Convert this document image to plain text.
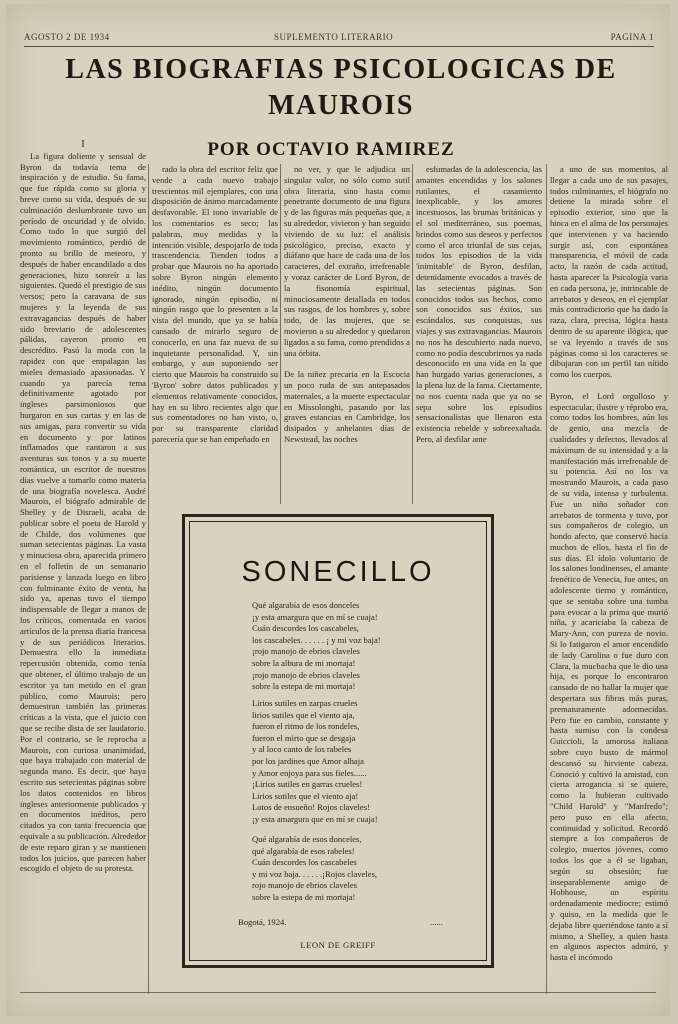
AGOSTO 2 DE 1934	SUPLEMENTO LITERARIO	PAGINA 1
LAS BIOGRAFIAS PSICOLOGICAS DE
MAUROIS
POR OCTAVIO RAMIREZ

I

La figura doliente y sensual de Byron da todavía tema de inspiración y de estudio. Su fama, que fue rápida como su gloria y breve como su vida, después de su culminación deslumbrante tuvo un período de oscuridad y de olvido. Como todo lo que surgió del movimiento romántico, perdió de pronto su brillo de meteoro, y después de haber encandilado a dos generaciones, hizo sonreír a las siguientes. Quedó el prestigio de sus versos; pero la caravana de sus mujeres y la leyenda de sus extravagancias después de haber sido breviario de adolescentes pálidas, cayeron pronto en descrédito. Pasó la moda con la rapidez con que empalagan las mieles demasiado apasionadas. Y cuando ya parecía tema definitivamente agotado por ingleses parsimoniosos que hurgaron en sus cartas y en las de sus amigas, para convertir su vida en documento y por latinos inflamados que cantaron a sus aventuras sus tonos y a su muerte romántica, un escritor de nuestros días vuelve a tomarlo como materia de una biografía novelesca. André Maurois, el biógrafo admirable de Shelley y de Disraeli, acaba de publicar sobre el poeta de Harold y de Childe, dos volúmenes que suman setecientas páginas. La vasta y minuciosa obra, aparecida primero en el folletín de un semanario parisiense y lanzada luego en libro con fulminante éxito de venta, ha sido ya, apenas tuvo el tiempo indispensable de llegar a manos de los críticos, comentada en varios artículos de la prensa diaria francesa y de sus periódicos literarios. Demuestra ello la inmediata repercusión obtenida, como tenía que obtener, el último trabajo de un escritor ya tan metido en el gran público, como Maurois; pero demuestran también las primeras críticas a la vista, que el juicio con que se recibe dista de ser laudatorio. Por el contrario, se le reprocha a Maurois, con curiosa unanimidad, que haya trabajado con material de segunda mano. Es decir, que haya escrito sus setecientas páginas sobre los datos contenidos en libros ingleses anteriormente publicados y en documentos inéditos, pero citados ya con tanta frecuencia que equivale a su publicación. Alrededor de este reparo giran y se mantienen todos los juicios, que parecen haber escogido el objeto de su protesta.

rado la obra del escritor feliz que vende a cada nuevo trabajo trescientos mil ejemplares, con una disposición de ánimo marcadamente desfavorable. El tono invariable de los comentarios es seco; las palabras, muy medidas y la intención visible, despojarlo de toda trascendencia. Tienden todos a probar que Maurois no ha aportado sobre Byron ningún elemento inédito, ningún documento ignorado, ningún episodio, ni ningún rasgo que lo presenten a la vista del mundo, que ya se había cansado de mirarlo seguro de conocerlo, en una faz nueva de su inquietante personalidad. Y, sin embargo, y aun suponiendo ser cierto que Maurois ha construido su 'Byron' sobre datos publicados y elementos relativamente conocidos, hay en su libro recientes algo que sus comentadores no han visto, o, por su transparente claridad parecería que se han empeñado en

no ver, y que le adjudica un singular valor, no sólo como sutil obra literaria, sino hasta como penetrante documento de una figura y de las figuras más pequeñas que, a su alrededor, vivieron y han seguido viviendo de su luz: el análisis psicológico, preciso, exacto y diáfano que hace de cada una de los caracteres, del extraño, irrefrenable y voraz carácter de Lord Byron, de la fisonomía espiritual, minuciosamente detallada en todos sus rasgos, de los hombres y, sobre todo, de las mujeres, que se movieron a su alrededor y quedaron ligados a su fama, como prendidos a una órbita.

De la niñez precaria en la Escocia un poco ruda de sus antepasados maternales, a la muerte espectacular en Missolonghi, pasando por las graves estancias en Cambridge, los disipados y anhelantes días de Newstead, las noches

esfumadas de la adolescencia, las amantes encendidas y los salones rutilantes, el casamiento inexplicable, y los amores incestuosos, las brumas británicas y el sol mediterráneo, sus poemas, brindos como sus deseos y perfectos como el arco triunfal de sus cejas, todos los episodios de la vida 'inimitable' de Byron, desfilan, detenidamente evocados a través de las setecientas páginas. Son conocidos todos sus hechos, como son conocidos sus éxitos, sus escándalos, sus conquistas, sus viajes y sus extravagancias. Maurois no nos ha descubierto nada nuevo, como no podía descubrirnos ya nada desconocido en una vida en la que han hurgado varias generaciones, a la plena luz de la fama. Ciertamente, no nos cuenta nada que ya no se sepa sobre los episodios sensacionalistas que llenaron esta existencia rebelde y sobreexaltada. Pero, al desfilar ante

a uno de sus momentos, al llegar a cada uno de sus pasajes, todos culminantes, el biógrafo no detiene la mirada sobre el episodio exterior, sino que la hinca en el alma de los personajes que intervienen y va haciendo surgir así, con espontánea transparencia, el móvil de cada acto, la razón de cada actitud, hasta aparecer la Psicología varia en cada persona, je, intrincable de arrebatos y deseos, en el ejemplar más contradictorio que ha dado la raza, clara, precisa, lógica hasta dentro de su aparente ilógica, que se va leyendo a través de sus páginas como si los caracteres se dibujaran con un perfil tan nítido como los cuerpos.

Byron, el Lord orgulloso y espectacular, ilustre y réprobo era, como todos los hombres, aún los de genio, una mezcla de cualidades y defectos, llevados al máximum de su intensidad y a la manifestación más irrefrenable de su potencia. Así no los va mostrando Maurois, a cada paso de su vida, intensa y turbulenta. Fue un niño soñador con arrebatos de tormenta y tuvo, por sus compañeros de colegio, un hondo afecto, que conservó hacia muchos de ellos, hasta el fin de sus días. El ídolo voluntario de los salones londinenses, el amante frenético de Venecia, fue antes, un adolescente tierno y romántico, que se sentaba sobre una tumba para evocar a la prima que murió niña, y acariciaba la cabeza de Mary-Ann, con pureza de novio. Si lo fatigaron el amor encendido de lady Carolina o fue duro con Clara, la muchacha que le dio una hija, es porque lo encontraron cansado de no hallar la mujer que despertara sus fibras más puras, prematuramente adormecidas. Pero fue en cambio, constante y hasta sumiso con la condesa Guiccioli, la amorosa italiana sobre cuyo busto de mármol descansó su hirviente cabeza. Conoció y cultivó la amistad, con cierta arrogancia si se quiere, como la hubieran cultivado "Child Harold" y "Manfredo"; pero puso en ella afecto, continuidad y solicitud. Recordó siempre a los compañeros de colegio, muertos jóvenes, como todos los que a él se ligaban, según su obsesión; fue inseparablemente amigo de Hobhouse, un espíritu ordenadamente mediocre; estimó y quiso, en la medida que le dejaba libre queriéndose tanto a sí mismo, a Shelley, a quien hasta en algunos aspectos admiró, y hasta el incómodo

SONECILLO
Qué algarabía de esos donceles
¡y esta amargura que en mí se cuaja!
Cuán descordes los cascabeles,
los cascabeles. . . . . . ¡ y mi voz baja!
¡rojo manojo de ebrios claveles
sobre la albura de mi mortaja!
¡rojo manojo de ebrios claveles
sobre la estepa de mi mortaja!
Lirios sutiles en zarpas crueles
lirios sutiles que el viento aja,
fueron el ritmo de los rondeles,
fueron el mirto que se desgaja
y al loco canto de los rabeles
por los jardines que Amor alhaja
y Amor enjoya para sus fieles......
¡Lirios sutiles en garras crueles!
Lirios sutiles que el viento aja!
Lotos de ensueño! Rojos claveles!
¡y esta amargura que en mí se cuaja!
Qué algarabía de esos donceles,
qué algarabía de esos rabeles!
Cuán descordes los cascabeles
y mi voz baja. . . . . .¡Rojos claveles,
rojo manojo de ebrios claveles
sobre la estepa de mi mortaja!
Bogotá, 1924.	......
LEON DE GREIFF
